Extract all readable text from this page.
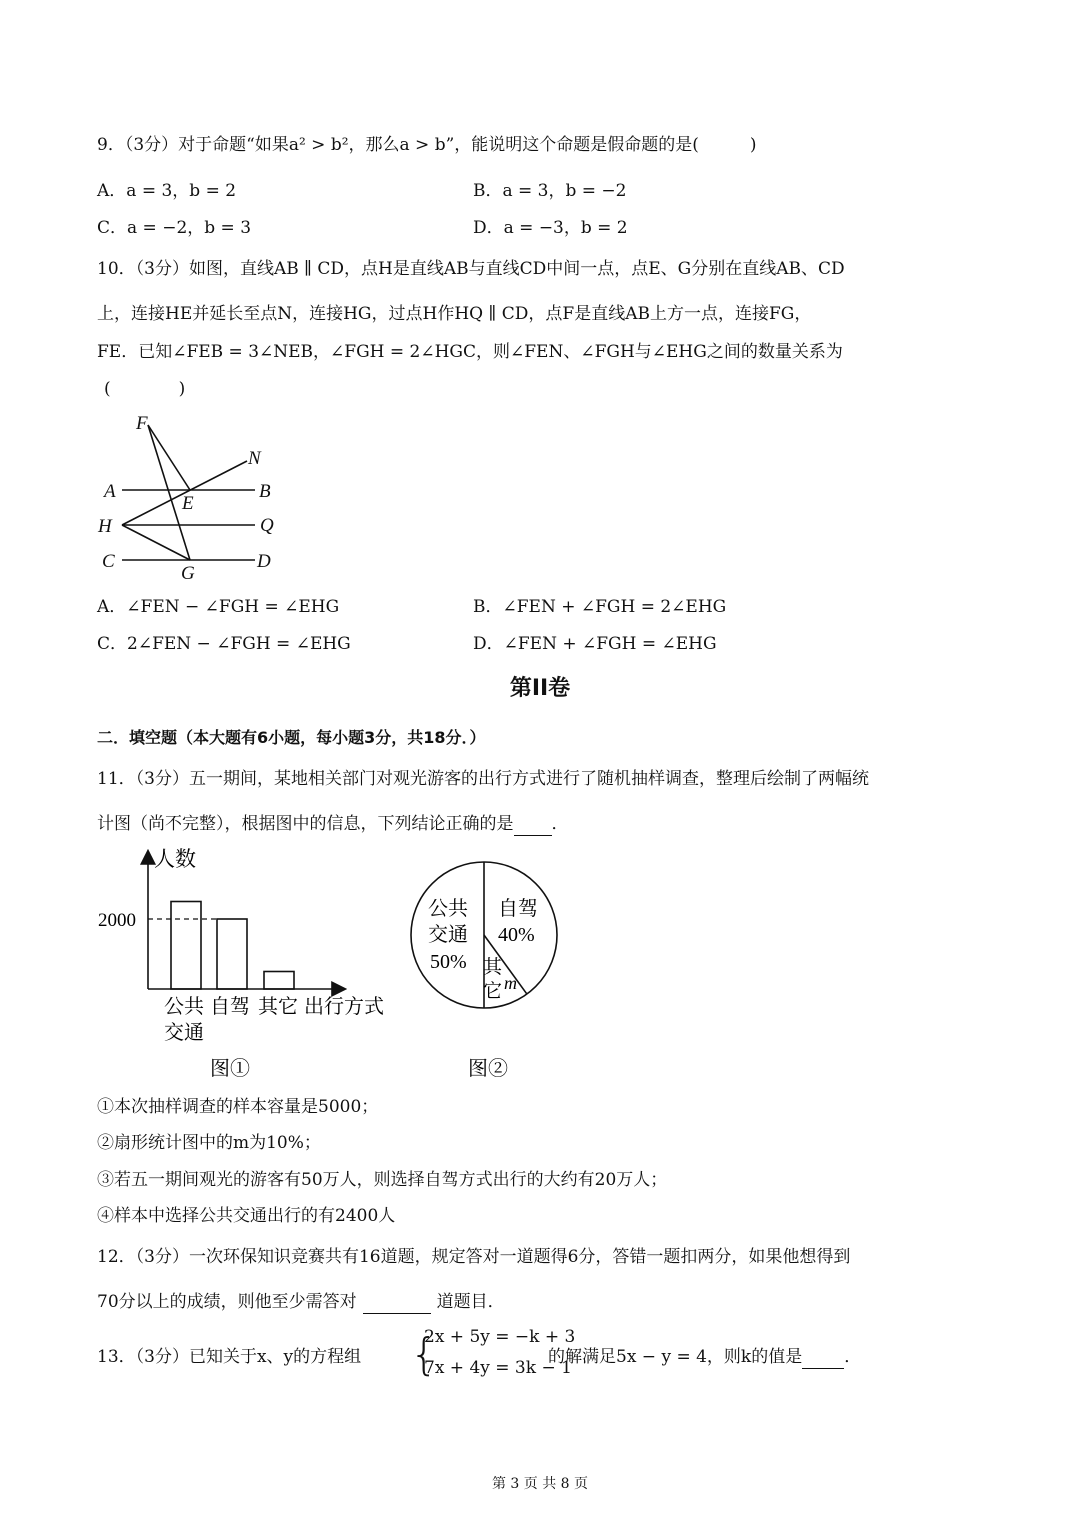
9．（3分）对于命题“如果a² > b²，那么a > b”，能说明这个命题是假命题的是(　　　)
A．a = 3，b = 2	B．a = 3，b = −2
C．a = −2，b = 3	D．a = −3，b = 2
10．（3分）如图，直线AB ∥ CD，点H是直线AB与直线CD中间一点，点E、G分别在直线AB、CD
上，连接HE并延长至点N，连接HG，过点H作HQ ∥ CD，点F是直线AB上方一点，连接FG，
FE．已知∠FEB = 3∠NEB，∠FGH = 2∠HGC，则∠FEN、∠FGH与∠EHG之间的数量关系为
(　　　　)
F
N
A	B
E
H	Q
C	D
G
A．∠FEN − ∠FGH = ∠EHG	B．∠FEN + ∠FGH = 2∠EHG
C．2∠FEN − ∠FGH = ∠EHG	D．∠FEN + ∠FGH = ∠EHG
第II卷
二．填空题（本大题有6小题，每小题3分，共18分．）
11．（3分）五一期间，某地相关部门对观光游客的出行方式进行了随机抽样调查，整理后绘制了两幅统
计图（尚不完整），根据图中的信息，下列结论正确的是 ．
2000
人数
公共
交通
自驾 其它 出行方式
图①
公共
交通
50%
自驾
40%
其
它 m
图②
①本次抽样调查的样本容量是5000；
②扇形统计图中的m为10%；
③若五一期间观光的游客有50万人，则选择自驾方式出行的大约有20万人；
④样本中选择公共交通出行的有2400人
12．（3分）一次环保知识竞赛共有16道题，规定答对一道题得6分，答错一题扣两分，如果他想得到
70分以上的成绩，则他至少需答对	道题目．
13．（3分）已知关于x、y的方程组 {
2x + 5y = −k + 3
7x + 4y = 3k − 1
的解满足5x − y = 4，则k的值是 ．
第 3 页 共 8 页
